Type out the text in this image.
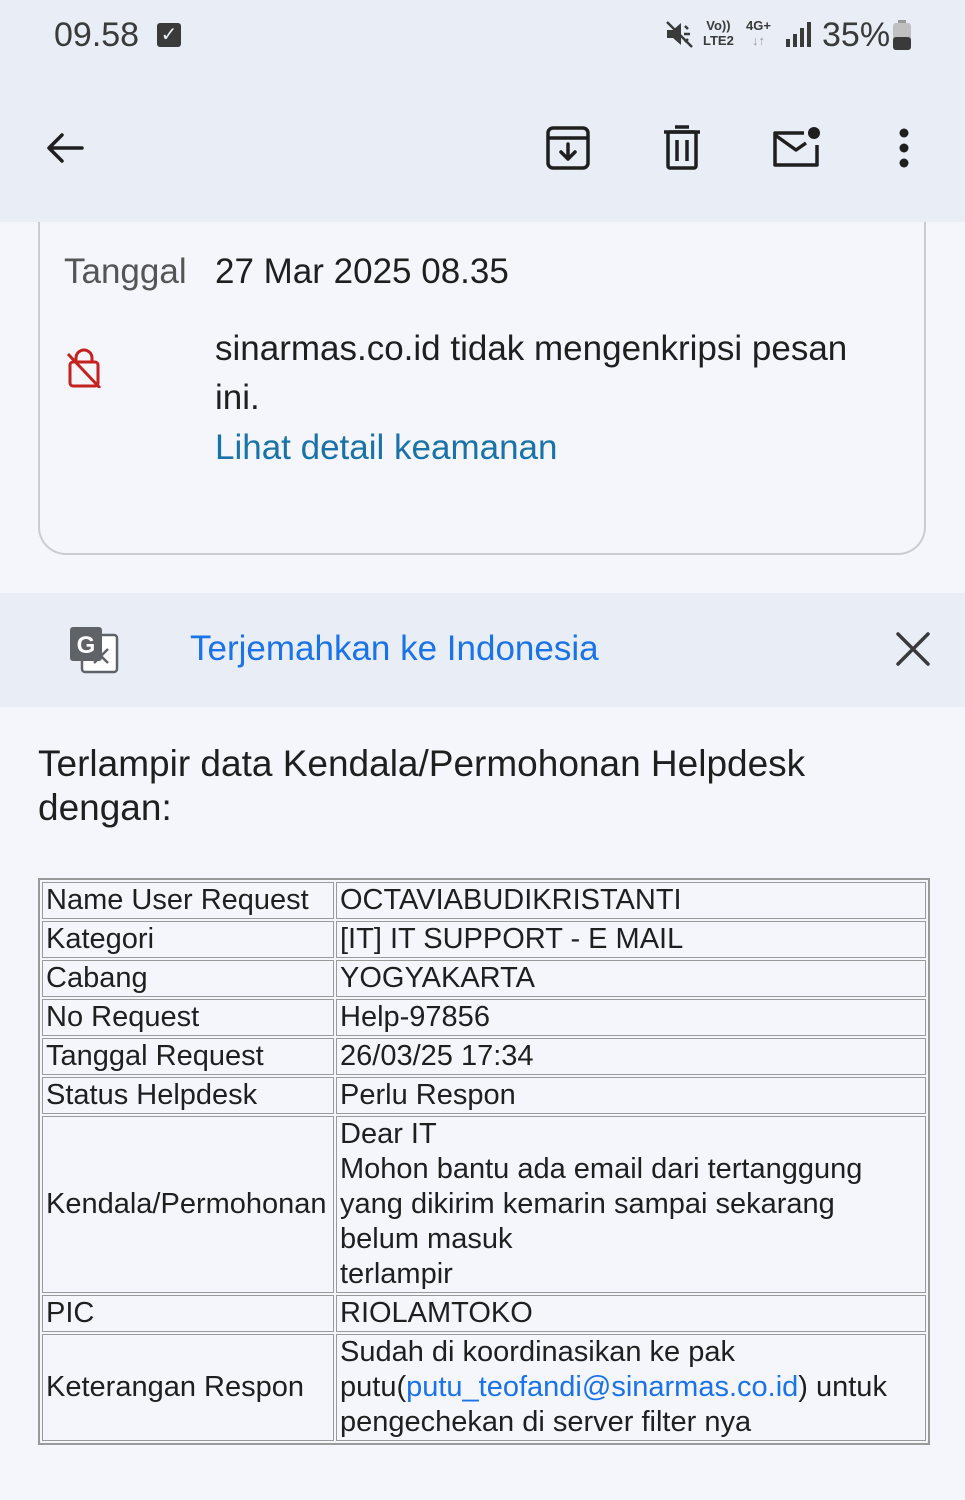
09.58 ✓	Vo))
LTE2
4G+
↓↑ 35%
Tanggal 27 Mar 2025 08.35
sinarmas.co.id tidak mengenkripsi pesan
ini.
Lihat detail keamanan
G	Terjemahkan ke Indonesia
Terlampir data Kendala/Permohonan Helpdesk
dengan:
Name User Request	OCTAVIABUDIKRISTANTI
Kategori	[IT] IT SUPPORT - E MAIL
Cabang	YOGYAKARTA
No Request	Help-97856
Tanggal Request	26/03/25 17:34
Status Helpdesk	Perlu Respon
Kendala/Permohonan	Dear IT
Mohon bantu ada email dari tertanggung
yang dikirim kemarin sampai sekarang
belum masuk
terlampir

PIC	RIOLAMTOKO
Keterangan Respon	Sudah di koordinasikan ke pak
putu(putu_teofandi@sinarmas.co.id) untuk
pengechekan di server filter nya
